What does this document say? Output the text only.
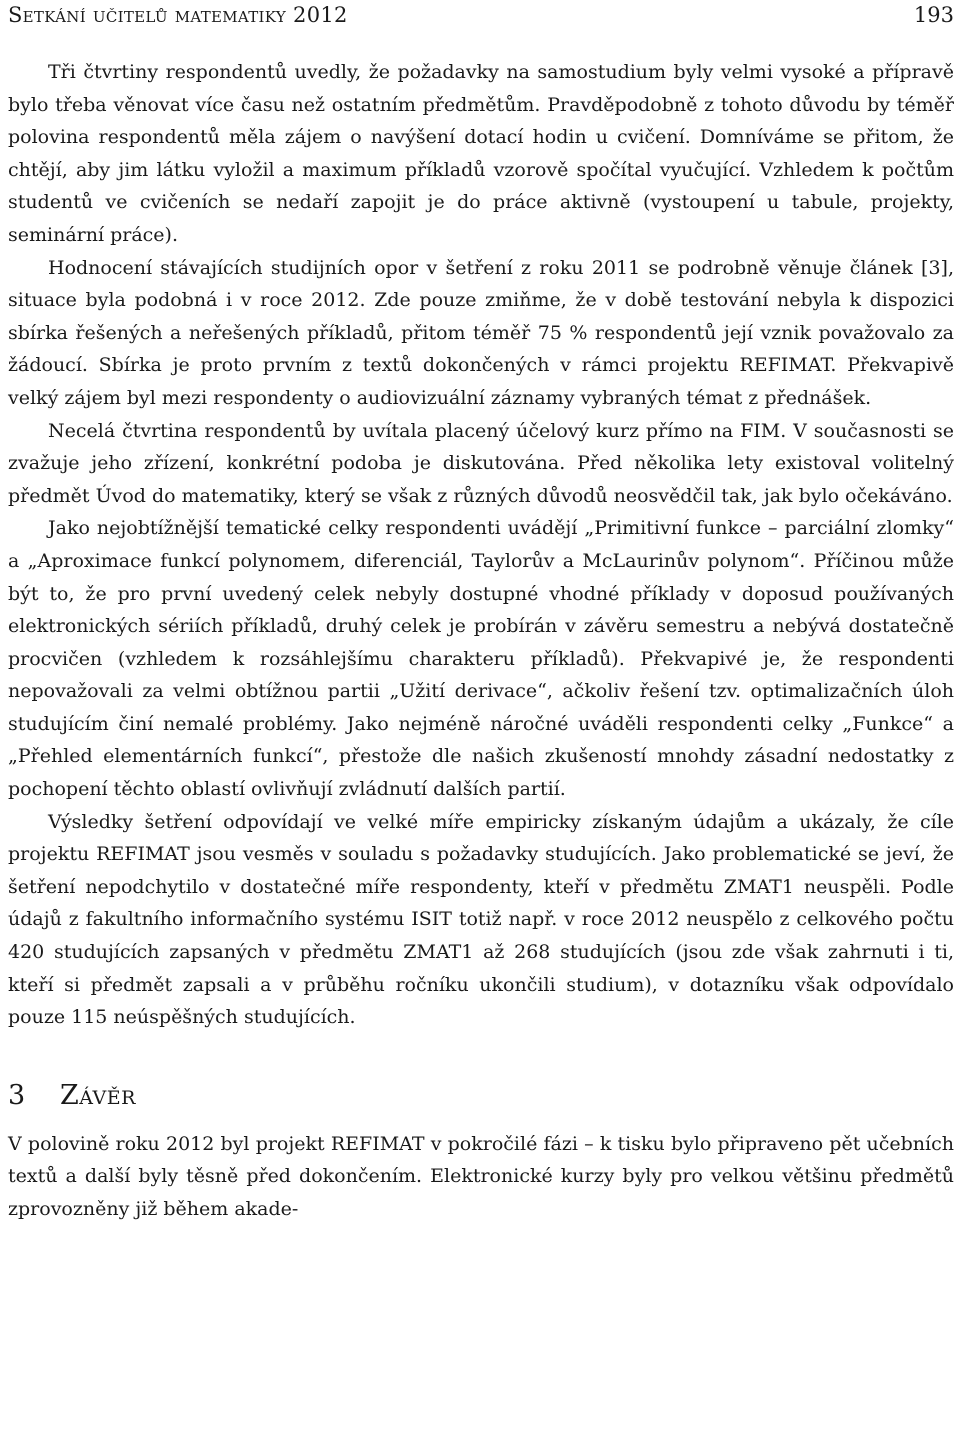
Setkání učitelů matematiky 2012	193

Tři čtvrtiny respondentů uvedly, že požadavky na samostudium byly velmi vysoké a přípravě bylo třeba věnovat více času než ostatním předmětům. Pravděpodobně z tohoto důvodu by téměř polovina respondentů měla zájem o navýšení dotací hodin u cvičení. Domníváme se přitom, že chtějí, aby jim látku vyložil a maximum příkladů vzorově spočítal vyučující. Vzhledem k počtům studentů ve cvičeních se nedaří zapojit je do práce aktivně (vystoupení u tabule, projekty, seminární práce).

Hodnocení stávajících studijních opor v šetření z roku 2011 se podrobně věnuje článek [3], situace byla podobná i v roce 2012. Zde pouze zmiňme, že v době testování nebyla k dispozici sbírka řešených a neřešených příkladů, přitom téměř 75 % respondentů její vznik považovalo za žádoucí. Sbírka je proto prvním z textů dokončených v rámci projektu REFIMAT. Překvapivě velký zájem byl mezi respondenty o audiovizuální záznamy vybraných témat z přednášek.

Necelá čtvrtina respondentů by uvítala placený účelový kurz přímo na FIM. V současnosti se zvažuje jeho zřízení, konkrétní podoba je diskutována. Před několika lety existoval volitelný předmět Úvod do matematiky, který se však z různých důvodů neosvědčil tak, jak bylo očekáváno.

Jako nejobtížnější tematické celky respondenti uvádějí „Primitivní funkce – parciální zlomky“ a „Aproximace funkcí polynomem, diferenciál, Taylorův a McLaurinův polynom“. Příčinou může být to, že pro první uvedený celek nebyly dostupné vhodné příklady v doposud používaných elektronických sériích příkladů, druhý celek je probírán v závěru semestru a nebývá dostatečně procvičen (vzhledem k rozsáhlejšímu charakteru příkladů). Překvapivé je, že respondenti nepovažovali za velmi obtížnou partii „Užití derivace“, ačkoliv řešení tzv. optimalizačních úloh studujícím činí nemalé problémy. Jako nejméně náročné uváděli respondenti celky „Funkce“ a „Přehled elementárních funkcí“, přestože dle našich zkušeností mnohdy zásadní nedostatky z pochopení těchto oblastí ovlivňují zvládnutí dalších partií.

Výsledky šetření odpovídají ve velké míře empiricky získaným údajům a ukázaly, že cíle projektu REFIMAT jsou vesměs v souladu s požadavky studujících. Jako problematické se jeví, že šetření nepodchytilo v dostatečné míře respondenty, kteří v předmětu ZMAT1 neuspěli. Podle údajů z fakultního informačního systému ISIT totiž např. v roce 2012 neuspělo z celkového počtu 420 studujících zapsaných v předmětu ZMAT1 až 268 studujících (jsou zde však zahrnuti i ti, kteří si předmět zapsali a v průběhu ročníku ukončili studium), v dotazníku však odpovídalo pouze 115 neúspěšných studujících.

3 Závěr

V polovině roku 2012 byl projekt REFIMAT v pokročilé fázi – k tisku bylo připraveno pět učebních textů a další byly těsně před dokončením. Elektronické kurzy byly pro velkou většinu předmětů zprovozněny již během akade-
